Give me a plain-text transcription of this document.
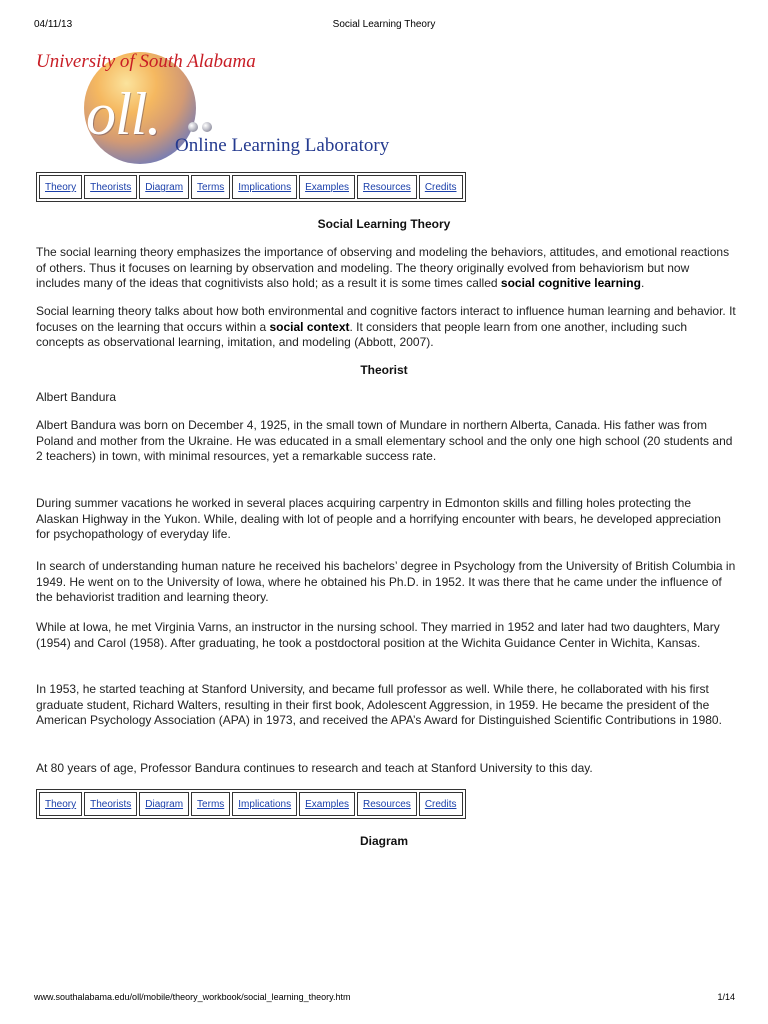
04/11/13	Social Learning Theory
oll.
University of South Alabama
Online Learning Laboratory
Theory	Theorists	Diagram	Terms	Implications	Examples	Resources	Credits
Social Learning Theory
The social learning theory emphasizes the importance of observing and modeling the behaviors, attitudes, and emotional reactions of others. Thus it focuses on learning by observation and modeling. The theory originally evolved from behaviorism but now includes many of the ideas that cognitivists also hold; as a result it is some times called social cognitive learning.
Social learning theory talks about how both environmental and cognitive factors interact to influence human learning and behavior. It focuses on the learning that occurs within a social context. It considers that people learn from one another, including such concepts as observational learning, imitation, and modeling (Abbott, 2007).
Theorist
Albert Bandura
Albert Bandura was born on December 4, 1925, in the small town of Mundare in northern Alberta, Canada. His father was from Poland and mother from the Ukraine. He was educated in a small elementary school and the only one high school (20 students and 2 teachers) in town, with minimal resources, yet a remarkable success rate.
During summer vacations he worked in several places acquiring carpentry in Edmonton skills and filling holes protecting the Alaskan Highway in the Yukon. While, dealing with lot of people and a horrifying encounter with bears, he developed appreciation for psychopathology of everyday life.
In search of understanding human nature he received his bachelors’ degree in Psychology from the University of British Columbia in 1949. He went on to the University of Iowa, where he obtained his Ph.D. in 1952. It was there that he came under the influence of the behaviorist tradition and learning theory.
While at Iowa, he met Virginia Varns, an instructor in the nursing school. They married in 1952 and later had two daughters, Mary (1954) and Carol (1958). After graduating, he took a postdoctoral position at the Wichita Guidance Center in Wichita, Kansas.
In 1953, he started teaching at Stanford University, and became full professor as well. While there, he collaborated with his first graduate student, Richard Walters, resulting in their first book, Adolescent Aggression, in 1959. He became the president of the American Psychology Association (APA) in 1973, and received the APA’s Award for Distinguished Scientific Contributions in 1980.
At 80 years of age, Professor Bandura continues to research and teach at Stanford University to this day.
Theory	Theorists	Diagram	Terms	Implications	Examples	Resources	Credits
Diagram
www.southalabama.edu/oll/mobile/theory_workbook/social_learning_theory.htm	1/14
